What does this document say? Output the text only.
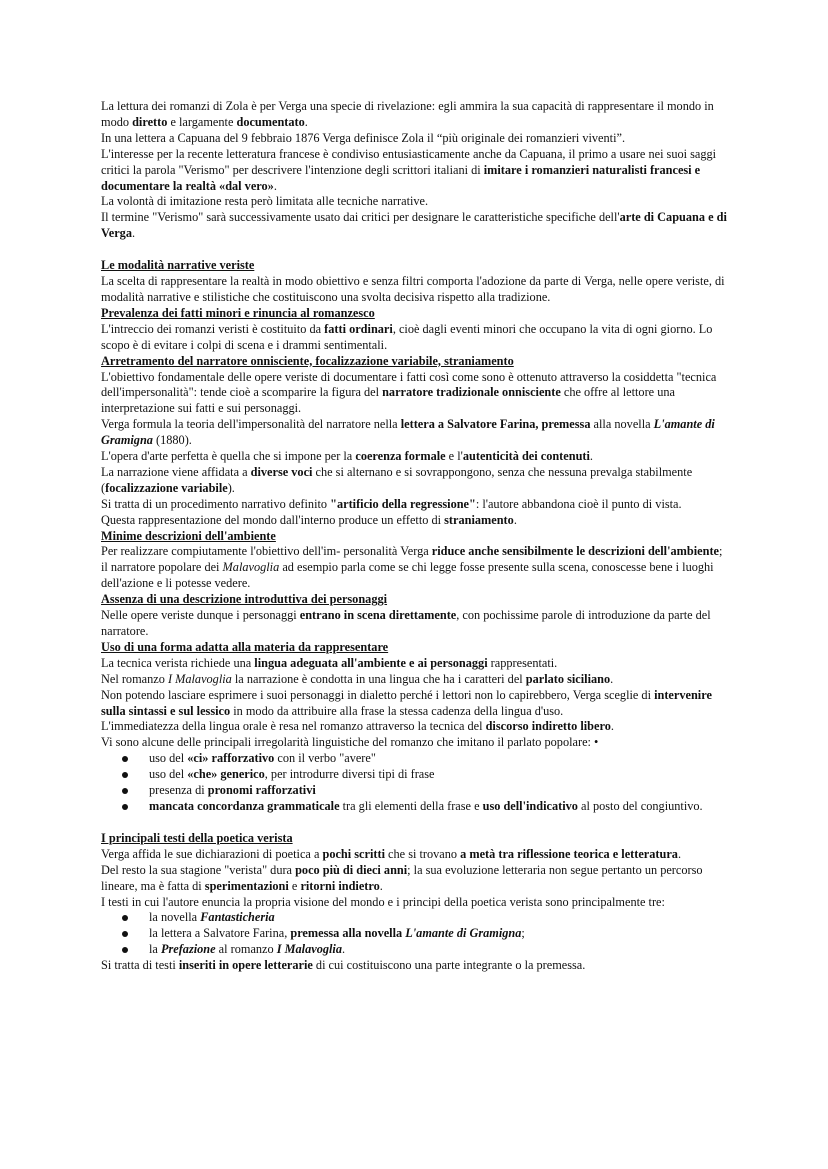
La lettura dei romanzi di Zola è per Verga una specie di rivelazione: egli ammira la sua capacità di rappresentare il mondo in modo diretto e largamente documentato.

In una lettera a Capuana del 9 febbraio 1876 Verga definisce Zola il “più originale dei romanzieri viventi”.

L'interesse per la recente letteratura francese è condiviso entusiasticamente anche da Capuana, il primo a usare nei suoi saggi critici la parola "Verismo" per descrivere l'intenzione degli scrittori italiani di imitare i romanzieri naturalisti francesi e documentare la realtà «dal vero».

La volontà di imitazione resta però limitata alle tecniche narrative.

Il termine "Verismo" sarà successivamente usato dai critici per designare le caratteristiche specifiche dell'arte di Capuana e di Verga.

Le modalità narrative veriste

La scelta di rappresentare la realtà in modo obiettivo e senza filtri comporta l'adozione da parte di Verga, nelle opere veriste, di modalità narrative e stilistiche che costituiscono una svolta decisiva rispetto alla tradizione.

Prevalenza dei fatti minori e rinuncia al romanzesco

L'intreccio dei romanzi veristi è costituito da fatti ordinari, cioè dagli eventi minori che occupano la vita di ogni giorno. Lo scopo è di evitare i colpi di scena e i drammi sentimentali.

Arretramento del narratore onnisciente, focalizzazione variabile, straniamento

L'obiettivo fondamentale delle opere veriste di documentare i fatti così come sono è ottenuto attraverso la cosiddetta "tecnica dell'impersonalità": tende cioè a scomparire la figura del narratore tradizionale onnisciente che offre al lettore una interpretazione sui fatti e sui personaggi.

Verga formula la teoria dell'impersonalità del narratore nella lettera a Salvatore Farina, premessa alla novella L'amante di Gramigna (1880).

L'opera d'arte perfetta è quella che si impone per la coerenza formale e l'autenticità dei contenuti.

La narrazione viene affidata a diverse voci che si alternano e si sovrappongono, senza che nessuna prevalga stabilmente (focalizzazione variabile).

Si tratta di un procedimento narrativo definito "artificio della regressione": l'autore abbandona cioè il punto di vista.

Questa rappresentazione del mondo dall'interno produce un effetto di straniamento.

Minime descrizioni dell'ambiente

Per realizzare compiutamente l'obiettivo dell'im- personalità Verga riduce anche sensibilmente le descrizioni dell'ambiente; il narratore popolare dei Malavoglia ad esempio parla come se chi legge fosse presente sulla scena, conoscesse bene i luoghi dell'azione e li potesse vedere.

Assenza di una descrizione introduttiva dei personaggi

Nelle opere veriste dunque i personaggi entrano in scena direttamente, con pochissime parole di introduzione da parte del narratore.

Uso di una forma adatta alla materia da rappresentare

La tecnica verista richiede una lingua adeguata all'ambiente e ai personaggi rappresentati.

Nel romanzo I Malavoglia la narrazione è condotta in una lingua che ha i caratteri del parlato siciliano.

Non potendo lasciare esprimere i suoi personaggi in dialetto perché i lettori non lo capirebbero, Verga sceglie di intervenire sulla sintassi e sul lessico in modo da attribuire alla frase la stessa cadenza della lingua d'uso.

L'immediatezza della lingua orale è resa nel romanzo attraverso la tecnica del discorso indiretto libero.

Vi sono alcune delle principali irregolarità linguistiche del romanzo che imitano il parlato popolare: •

uso del «ci» rafforzativo con il verbo "avere"
uso del «che» generico, per introdurre diversi tipi di frase
presenza di pronomi rafforzativi
mancata concordanza grammaticale tra gli elementi della frase e uso dell'indicativo al posto del congiuntivo.

I principali testi della poetica verista

Verga affida le sue dichiarazioni di poetica a pochi scritti che si trovano a metà tra riflessione teorica e letteratura.

Del resto la sua stagione "verista" dura poco più di dieci anni; la sua evoluzione letteraria non segue pertanto un percorso lineare, ma è fatta di sperimentazioni e ritorni indietro.

I testi in cui l'autore enuncia la propria visione del mondo e i principi della poetica verista sono principalmente tre:

la novella Fantasticheria
la lettera a Salvatore Farina, premessa alla novella L'amante di Gramigna;
la Prefazione al romanzo I Malavoglia.

Si tratta di testi inseriti in opere letterarie di cui costituiscono una parte integrante o la premessa.
